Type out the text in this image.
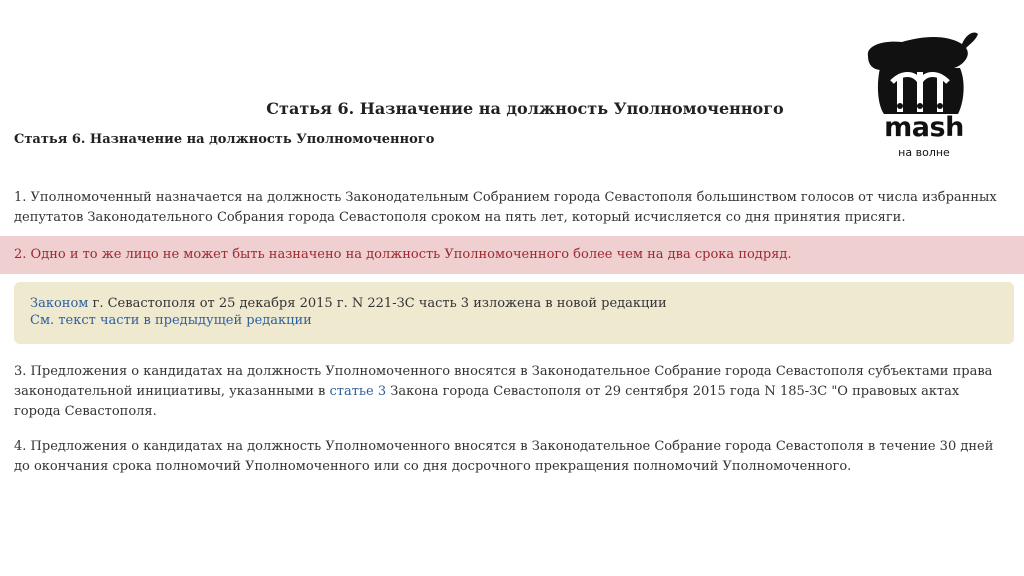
Статья 6. Назначение на должность Уполномоченного
Статья 6. Назначение на должность Уполномоченного

1. Уполномоченный назначается на должность Законодательным Собранием города Севастополя большинством голосов от числа избранных депутатов Законодательного Собрания города Севастополя сроком на пять лет, который исчисляется со дня принятия присяги.

2. Одно и то же лицо не может быть назначено на должность Уполномоченного более чем на два срока подряд.
Законом г. Севастополя от 25 декабря 2015 г. N 221-ЗС часть 3 изложена в новой редакции
См. текст части в предыдущей редакции

3. Предложения о кандидатах на должность Уполномоченного вносятся в Законодательное Собрание города Севастополя субъектами права законодательной инициативы, указанными в статье 3 Закона города Севастополя от 29 сентября 2015 года N 185-ЗС "О правовых актах города Севастополя.

4. Предложения о кандидатах на должность Уполномоченного вносятся в Законодательное Собрание города Севастополя в течение 30 дней до окончания срока полномочий Уполномоченного или со дня досрочного прекращения полномочий Уполномоченного.

mash

на волне
